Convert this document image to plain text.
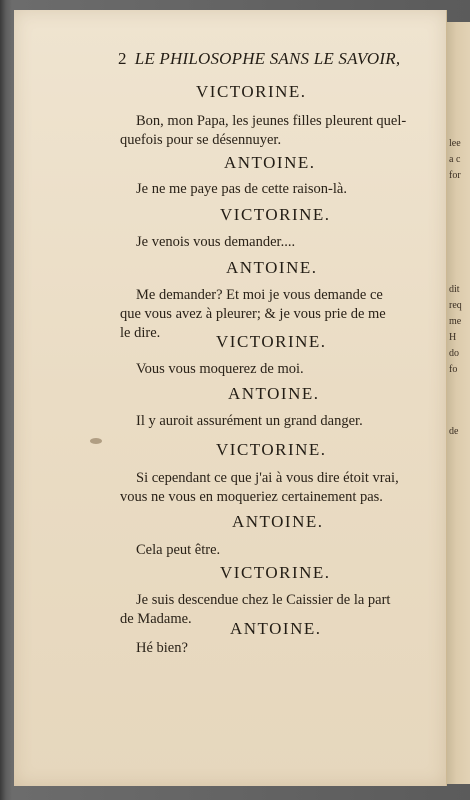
lee
a c
for
dit
req
me
H
do
fo
de
2 LE PHILOSOPHE SANS LE SAVOIR,
VICTORINE.
Bon, mon Papa, les jeunes filles pleurent quel-
quefois pour se désennuyer.
ANTOINE.
Je ne me paye pas de cette raison-là.
VICTORINE.
Je venois vous demander....
ANTOINE.
Me demander? Et moi je vous demande ce
que vous avez à pleurer; & je vous prie de me
le dire.	VICTORINE.
Vous vous moquerez de moi.
ANTOINE.
Il y auroit assurément un grand danger.
VICTORINE.
Si cependant ce que j'ai à vous dire étoit vrai,
vous ne vous en moqueriez certainement pas.
ANTOINE.
Cela peut être.
VICTORINE.
Je suis descendue chez le Caissier de la part
de Madame. ANTOINE.
Hé bien?
